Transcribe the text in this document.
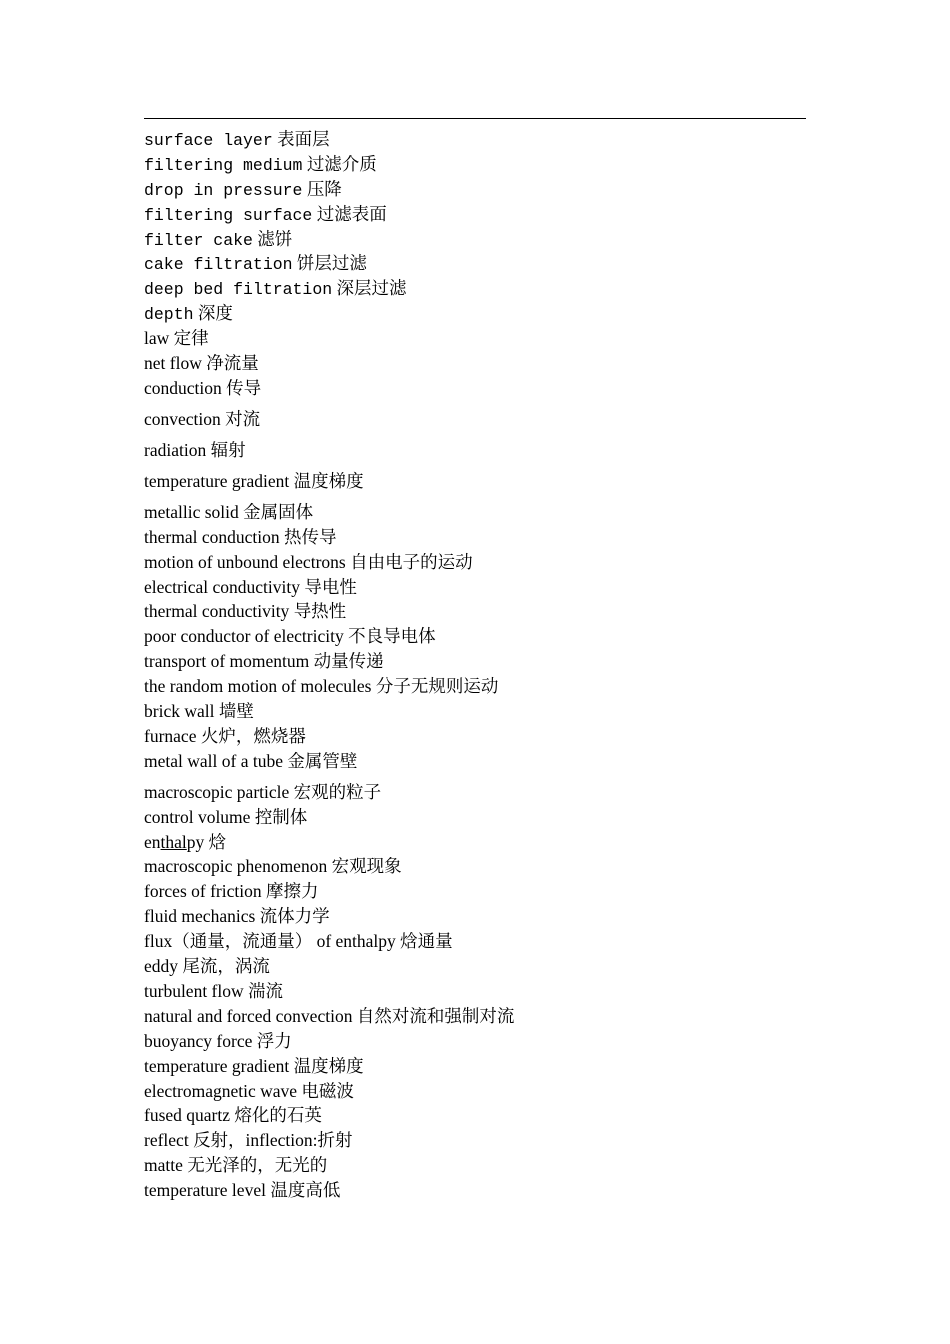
surface layer 表面层
filtering medium 过滤介质
drop in pressure 压降
filtering surface 过滤表面
filter cake 滤饼
cake filtration 饼层过滤
deep bed filtration 深层过滤
depth 深度
law 定律
net flow 净流量
conduction 传导
convection 对流
radiation 辐射
temperature gradient 温度梯度
metallic solid 金属固体
thermal conduction 热传导
motion of unbound electrons 自由电子的运动
electrical conductivity 导电性
thermal conductivity 导热性
poor conductor of electricity 不良导电体
transport of momentum 动量传递
the random motion of molecules 分子无规则运动
brick wall 墙壁
furnace 火炉，燃烧器
metal wall of a tube 金属管壁
macroscopic particle 宏观的粒子
control volume 控制体
enthalpy 焓
macroscopic phenomenon 宏观现象
forces of friction 摩擦力
fluid mechanics 流体力学
flux（通量，流通量） of enthalpy 焓通量
eddy 尾流，涡流
turbulent flow 湍流
natural and forced convection 自然对流和强制对流
buoyancy force 浮力
temperature gradient 温度梯度
electromagnetic wave 电磁波
fused quartz 熔化的石英
reflect 反射，inflection:折射
matte 无光泽的，无光的
temperature level 温度高低
